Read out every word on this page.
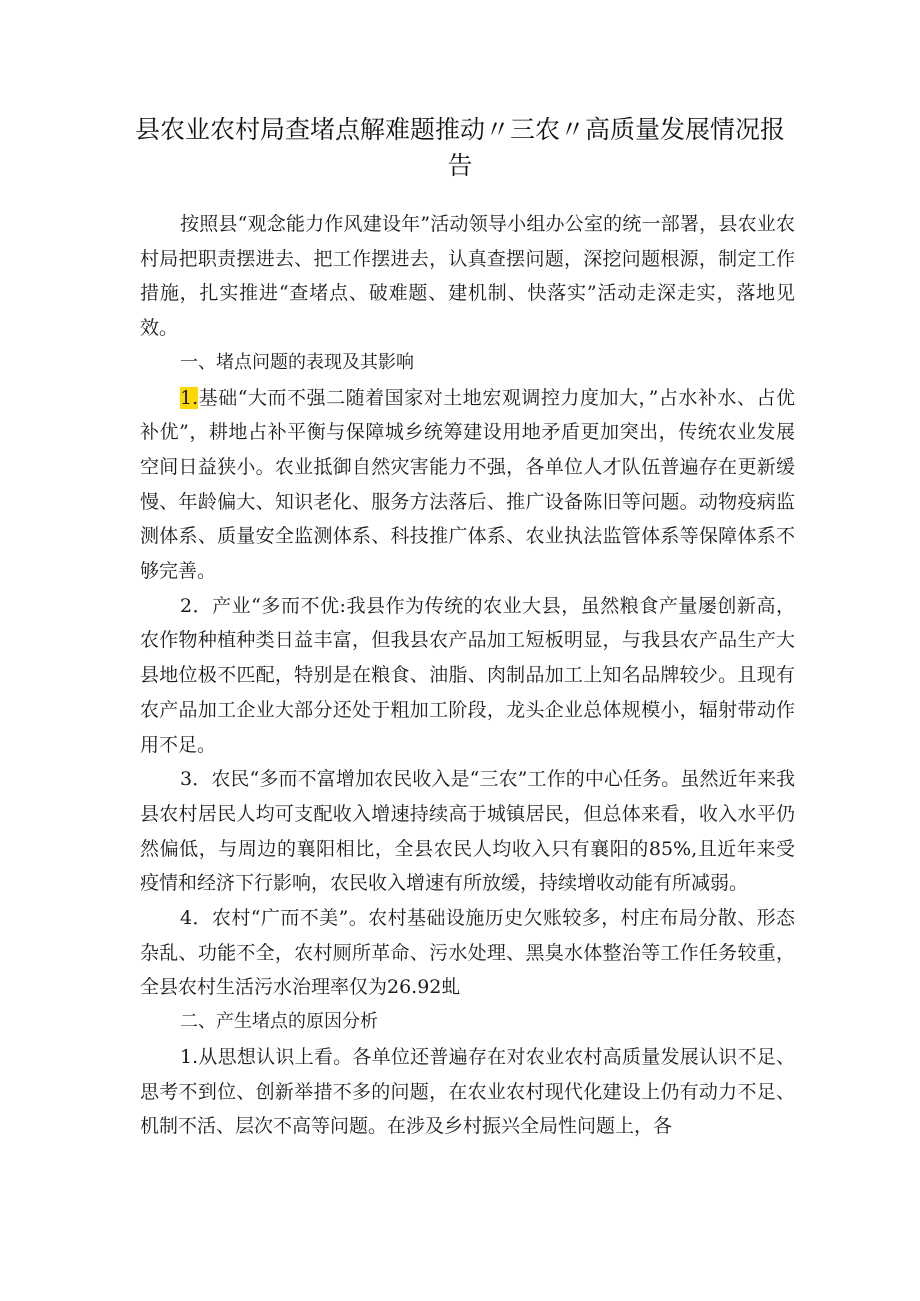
县农业农村局查堵点解难题推动〃三农〃高质量发展情况报告

按照县“观念能力作风建设年”活动领导小组办公室的统一部署，县农业农村局把职责摆进去、把工作摆进去，认真查摆问题，深挖问题根源，制定工作措施，扎实推进“查堵点、破难题、建机制、快落实”活动走深走实，落地见效。

一、堵点问题的表现及其影响

1.基础“大而不强二随着国家对土地宏观调控力度加大，”占水补水、占优补优”，耕地占补平衡与保障城乡统筹建设用地矛盾更加突出，传统农业发展空间日益狭小。农业抵御自然灾害能力不强，各单位人才队伍普遍存在更新缓慢、年龄偏大、知识老化、服务方法落后、推广设备陈旧等问题。动物疫病监测体系、质量安全监测体系、科技推广体系、农业执法监管体系等保障体系不够完善。

2．产业“多而不优:我县作为传统的农业大县，虽然粮食产量屡创新高，农作物种植种类日益丰富，但我县农产品加工短板明显，与我县农产品生产大县地位极不匹配，特别是在粮食、油脂、肉制品加工上知名品牌较少。且现有农产品加工企业大部分还处于粗加工阶段，龙头企业总体规模小，辐射带动作用不足。

3．农民“多而不富增加农民收入是“三农”工作的中心任务。虽然近年来我县农村居民人均可支配收入增速持续高于城镇居民，但总体来看，收入水平仍然偏低，与周边的襄阳相比，全县农民人均收入只有襄阳的85%,且近年来受疫情和经济下行影响，农民收入增速有所放缓，持续增收动能有所减弱。

4．农村“广而不美”。农村基础设施历史欠账较多，村庄布局分散、形态杂乱、功能不全，农村厕所革命、污水处理、黑臭水体整治等工作任务较重，全县农村生活污水治理率仅为26.92虬

二、产生堵点的原因分析

1.从思想认识上看。各单位还普遍存在对农业农村高质量发展认识不足、思考不到位、创新举措不多的问题，在农业农村现代化建设上仍有动力不足、机制不活、层次不高等问题。在涉及乡村振兴全局性问题上，各
